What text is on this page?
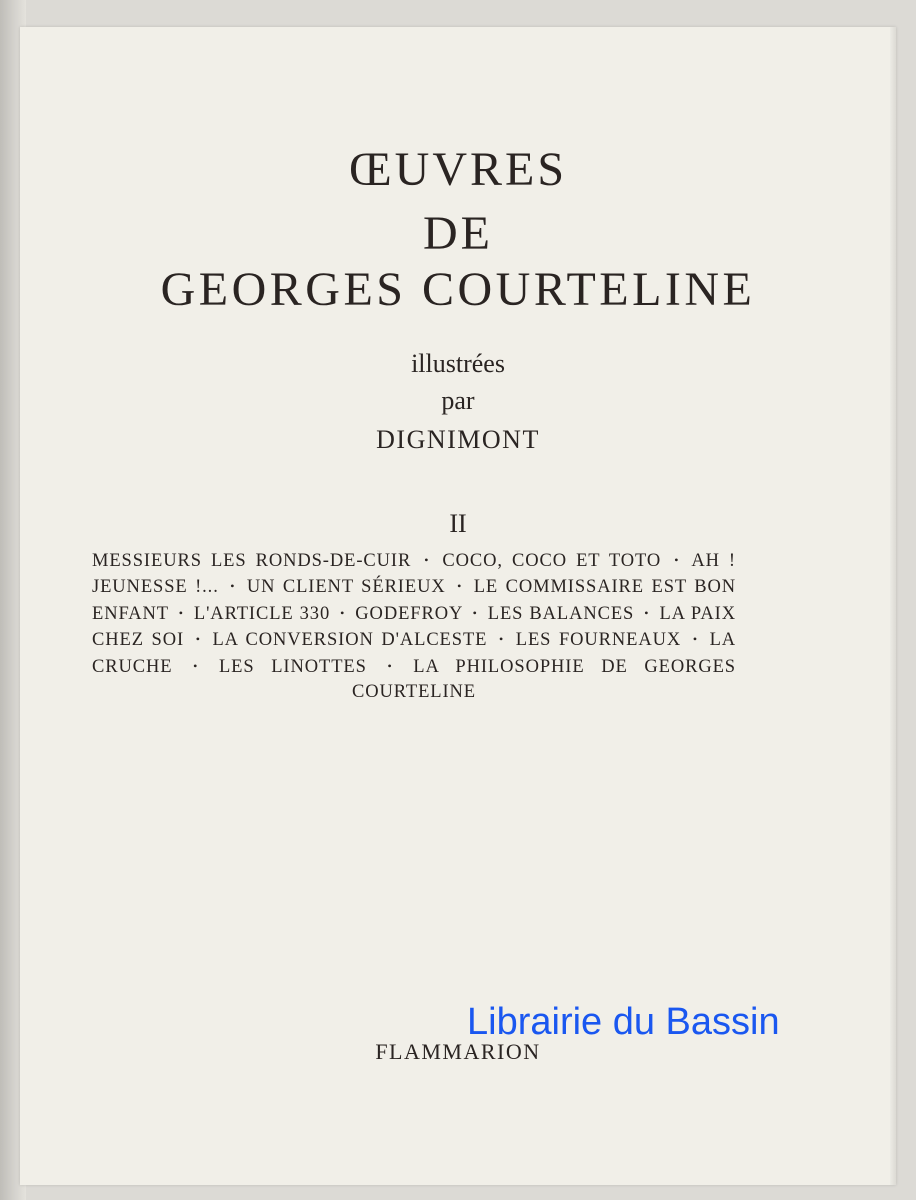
ŒUVRES
DE
GEORGES COURTELINE
illustrées
par
DIGNIMONT
II
MESSIEURS LES RONDS-DE-CUIR • COCO, COCO ET TOTO • AH ! JEUNESSE !... • UN CLIENT SÉRIEUX • LE COMMISSAIRE EST BON ENFANT • L'ARTICLE 330 • GODEFROY • LES BALANCES • LA PAIX CHEZ SOI • LA CONVERSION D'ALCESTE • LES FOURNEAUX • LA CRUCHE • LES LINOTTES • LA PHILOSOPHIE DE GEORGES COURTELINE
FLAMMARION
Librairie du Bassin
